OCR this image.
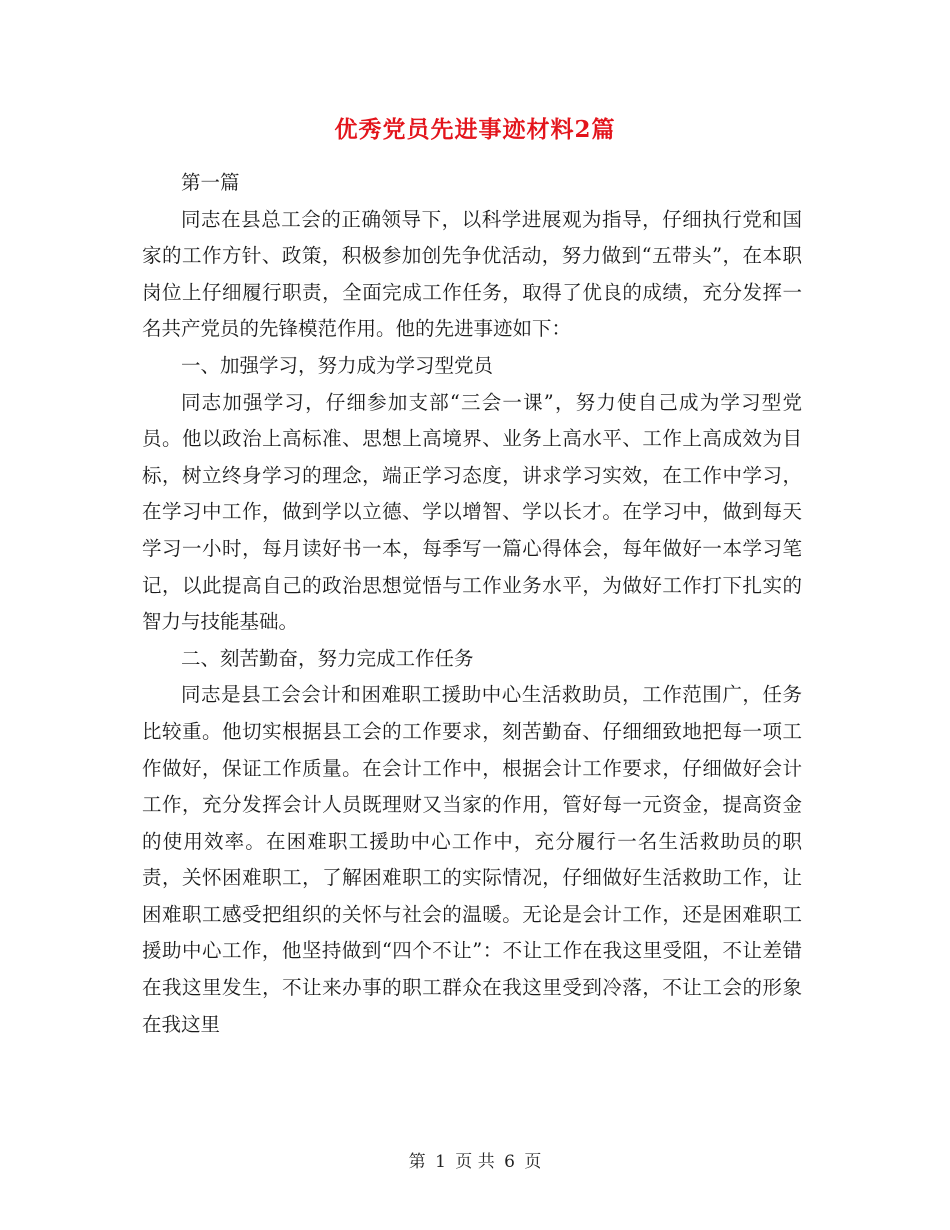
优秀党员先进事迹材料2篇

第一篇

同志在县总工会的正确领导下，以科学进展观为指导，仔细执行党和国家的工作方针、政策，积极参加创先争优活动，努力做到“五带头”，在本职岗位上仔细履行职责，全面完成工作任务，取得了优良的成绩，充分发挥一名共产党员的先锋模范作用。他的先进事迹如下：

一、加强学习，努力成为学习型党员

同志加强学习，仔细参加支部“三会一课”，努力使自己成为学习型党员。他以政治上高标准、思想上高境界、业务上高水平、工作上高成效为目标，树立终身学习的理念，端正学习态度，讲求学习实效，在工作中学习，在学习中工作，做到学以立德、学以增智、学以长才。在学习中，做到每天学习一小时，每月读好书一本，每季写一篇心得体会，每年做好一本学习笔记，以此提高自己的政治思想觉悟与工作业务水平，为做好工作打下扎实的智力与技能基础。

二、刻苦勤奋，努力完成工作任务

同志是县工会会计和困难职工援助中心生活救助员，工作范围广，任务比较重。他切实根据县工会的工作要求，刻苦勤奋、仔细细致地把每一项工作做好，保证工作质量。在会计工作中，根据会计工作要求，仔细做好会计工作，充分发挥会计人员既理财又当家的作用，管好每一元资金，提高资金的使用效率。在困难职工援助中心工作中，充分履行一名生活救助员的职责，关怀困难职工，了解困难职工的实际情况，仔细做好生活救助工作，让困难职工感受把组织的关怀与社会的温暖。无论是会计工作，还是困难职工援助中心工作，他坚持做到“四个不让”：不让工作在我这里受阻，不让差错在我这里发生，不让来办事的职工群众在我这里受到冷落，不让工会的形象在我这里

第 1 页 共 6 页
